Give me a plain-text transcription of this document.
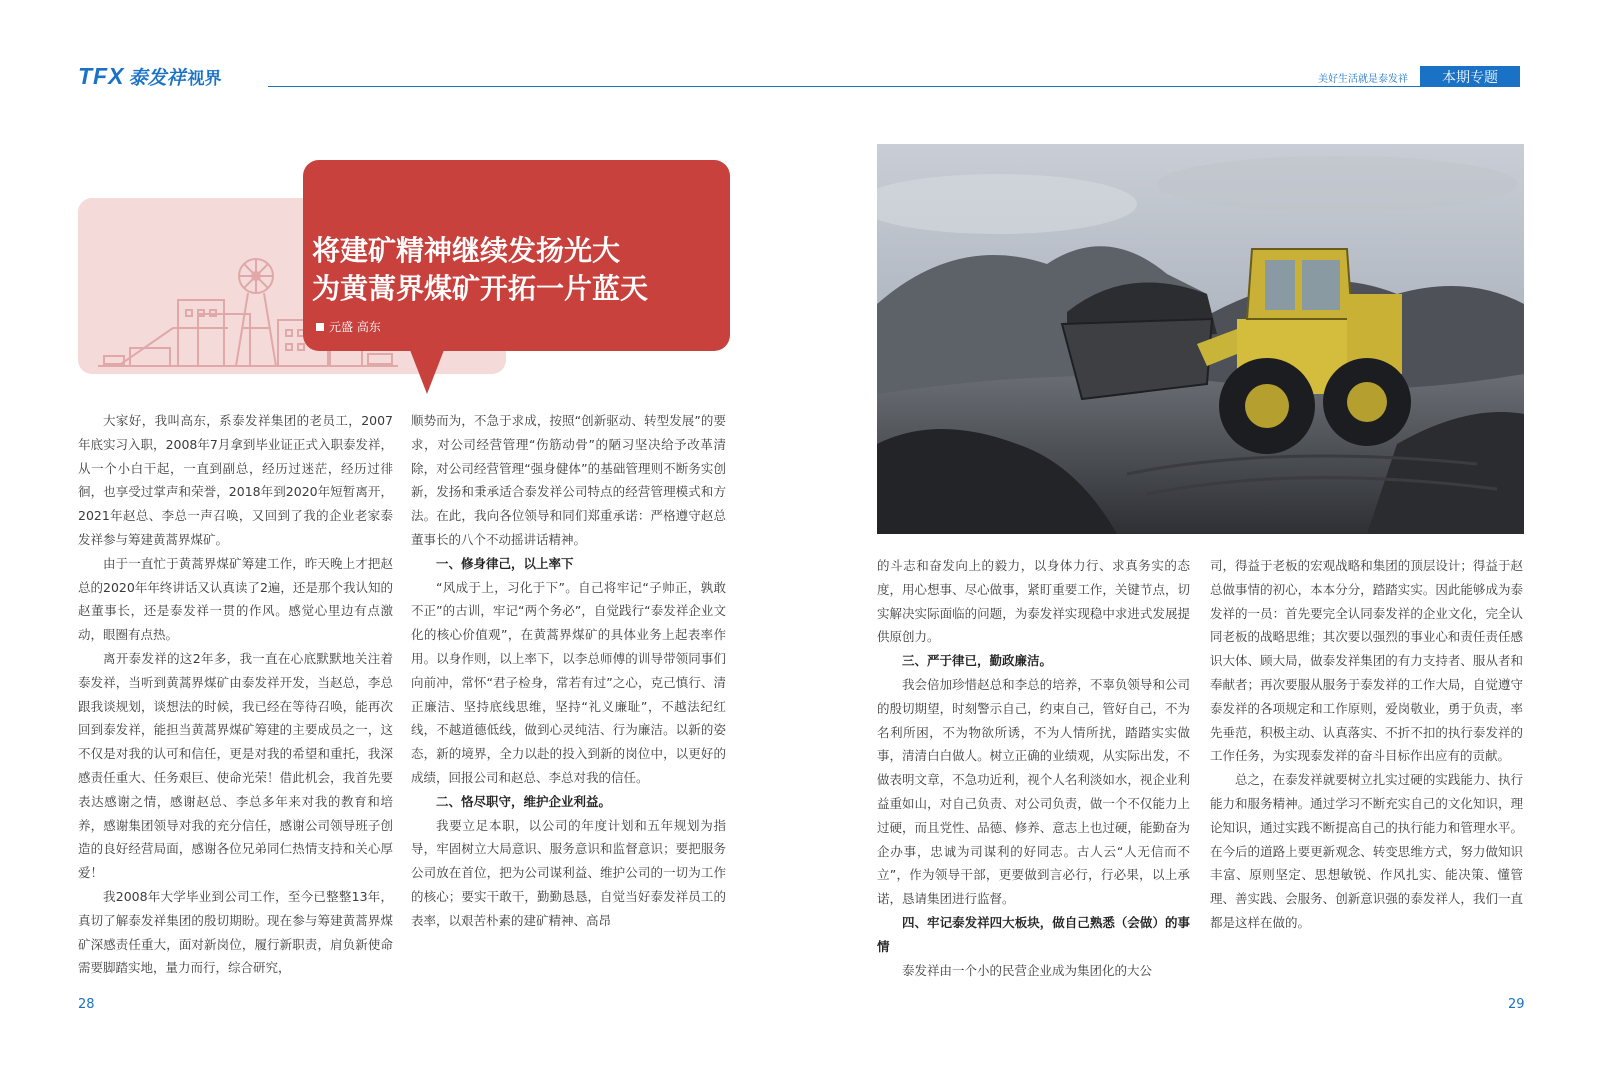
TFX 泰发祥 视界	美好生活就是泰发祥	本期专题
将建矿精神继续发扬光大
为黄蒿界煤矿开拓一片蓝天
元盛 高东

大家好，我叫高东，系泰发祥集团的老员工，2007年底实习入职，2008年7月拿到毕业证正式入职泰发祥，从一个小白干起，一直到副总，经历过迷茫，经历过徘徊，也享受过掌声和荣誉，2018年到2020年短暂离开，2021年赵总、李总一声召唤，又回到了我的企业老家泰发祥参与筹建黄蒿界煤矿。

由于一直忙于黄蒿界煤矿筹建工作，昨天晚上才把赵总的2020年年终讲话又认真读了2遍，还是那个我认知的赵董事长，还是泰发祥一贯的作风。感觉心里边有点激动，眼圈有点热。

离开泰发祥的这2年多，我一直在心底默默地关注着泰发祥，当听到黄蒿界煤矿由泰发祥开发，当赵总，李总跟我谈规划，谈想法的时候，我已经在等待召唤，能再次回到泰发祥，能担当黄蒿界煤矿筹建的主要成员之一，这不仅是对我的认可和信任，更是对我的希望和重托，我深感责任重大、任务艰巨、使命光荣！借此机会，我首先要表达感谢之情，感谢赵总、李总多年来对我的教育和培养，感谢集团领导对我的充分信任，感谢公司领导班子创造的良好经营局面，感谢各位兄弟同仁热情支持和关心厚爱！

我2008年大学毕业到公司工作，至今已整整13年，真切了解泰发祥集团的殷切期盼。现在参与筹建黄蒿界煤矿深感责任重大，面对新岗位，履行新职责，肩负新使命需要脚踏实地，量力而行，综合研究，

顺势而为，不急于求成，按照“创新驱动、转型发展”的要求，对公司经营管理“伤筋动骨”的陋习坚决给予改革清除，对公司经营管理“强身健体”的基础管理则不断务实创新，发扬和秉承适合泰发祥公司特点的经营管理模式和方法。在此，我向各位领导和同们郑重承诺：严格遵守赵总董事长的八个不动摇讲话精神。

一、修身律己，以上率下

“风成于上，习化于下”。自己将牢记“子帅正，孰敢不正”的古训，牢记“两个务必”，自觉践行“泰发祥企业文化的核心价值观”，在黄蒿界煤矿的具体业务上起表率作用。以身作则，以上率下，以李总师傅的训导带领同事们向前冲，常怀“君子检身，常若有过”之心，克己慎行、清正廉洁、坚持底线思维，坚持“礼义廉耻”，不越法纪红线，不越道德低线，做到心灵纯洁、行为廉洁。以新的姿态，新的境界，全力以赴的投入到新的岗位中，以更好的成绩，回报公司和赵总、李总对我的信任。

二、恪尽职守，维护企业利益。

我要立足本职，以公司的年度计划和五年规划为指导，牢固树立大局意识、服务意识和监督意识；要把服务公司放在首位，把为公司谋利益、维护公司的一切为工作的核心；要实干敢干，勤勤恳恳，自觉当好泰发祥员工的表率，以艰苦朴素的建矿精神、高昂

的斗志和奋发向上的毅力，以身体力行、求真务实的态度，用心想事、尽心做事，紧盯重要工作，关键节点，切实解决实际面临的问题，为泰发祥实现稳中求进式发展提供原创力。

三、严于律已，勤政廉洁。

我会倍加珍惜赵总和李总的培养，不辜负领导和公司的殷切期望，时刻警示自己，约束自己，管好自己，不为名利所困，不为物欲所诱，不为人情所扰，踏踏实实做事，清清白白做人。树立正确的业绩观，从实际出发，不做表明文章，不急功近利，视个人名利淡如水，视企业利益重如山，对自己负责、对公司负责，做一个不仅能力上过硬，而且党性、品德、修养、意志上也过硬，能勤奋为企办事，忠诚为司谋利的好同志。古人云“人无信而不立”，作为领导干部，更要做到言必行，行必果，以上承诺，恳请集团进行监督。

四、牢记泰发祥四大板块，做自己熟悉（会做）的事情

泰发祥由一个小的民营企业成为集团化的大公

司，得益于老板的宏观战略和集团的顶层设计；得益于赵总做事情的初心，本本分分，踏踏实实。因此能够成为泰发祥的一员：首先要完全认同泰发祥的企业文化，完全认同老板的战略思维；其次要以强烈的事业心和责任责任感识大体、顾大局，做泰发祥集团的有力支持者、服从者和奉献者；再次要服从服务于泰发祥的工作大局，自觉遵守泰发祥的各项规定和工作原则，爱岗敬业，勇于负责，率先垂范，积极主动、认真落实、不折不扣的执行泰发祥的工作任务，为实现泰发祥的奋斗目标作出应有的贡献。

总之，在泰发祥就要树立扎实过硬的实践能力、执行能力和服务精神。通过学习不断充实自己的文化知识，理论知识，通过实践不断提高自己的执行能力和管理水平。在今后的道路上要更新观念、转变思维方式，努力做知识丰富、原则坚定、思想敏锐、作风扎实、能决策、懂管理、善实践、会服务、创新意识强的泰发祥人，我们一直都是这样在做的。

28	29
